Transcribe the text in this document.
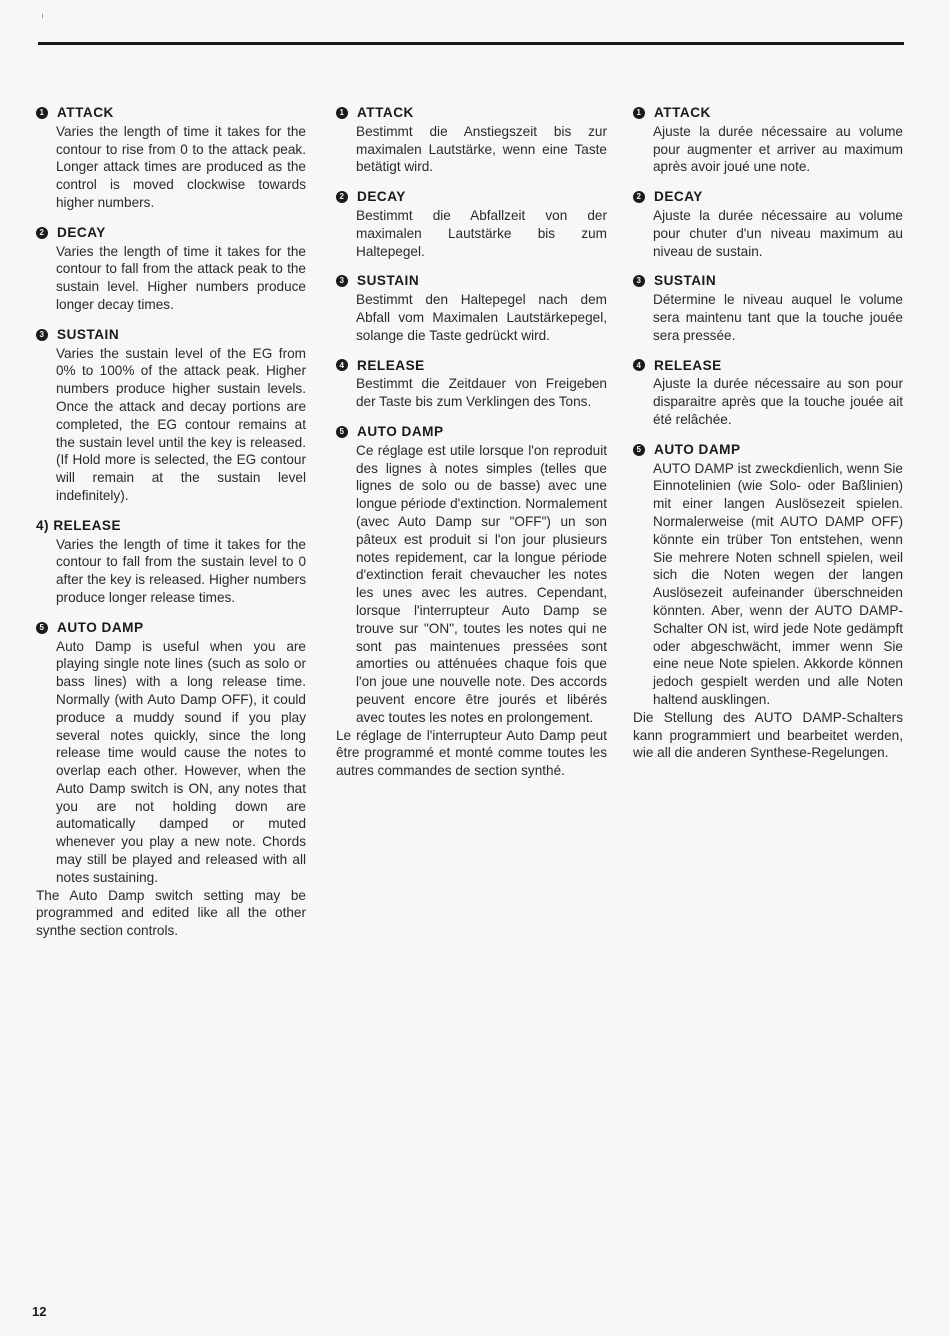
1 ATTACK
Varies the length of time it takes for the contour to rise from 0 to the attack peak. Longer attack times are produced as the control is moved clockwise towards higher numbers.
2 DECAY
Varies the length of time it takes for the contour to fall from the attack peak to the sustain level. Higher numbers produce longer decay times.
3 SUSTAIN
Varies the sustain level of the EG from 0% to 100% of the attack peak. Higher numbers produce higher sustain levels. Once the attack and decay portions are completed, the EG contour remains at the sustain level until the key is released. (If Hold more is selected, the EG contour will remain at the sustain level indefinitely).
4) RELEASE
Varies the length of time it takes for the contour to fall from the sustain level to 0 after the key is released. Higher numbers produce longer release times.
5 AUTO DAMP
Auto Damp is useful when you are playing single note lines (such as solo or bass lines) with a long release time. Normally (with Auto Damp OFF), it could produce a muddy sound if you play several notes quickly, since the long release time would cause the notes to overlap each other. However, when the Auto Damp switch is ON, any notes that you are not holding down are automatically damped or muted whenever you play a new note. Chords may still be played and released with all notes sustaining.
The Auto Damp switch setting may be programmed and edited like all the other synthe section controls.
1 ATTACK
Bestimmt die Anstiegszeit bis zur maximalen Lautstärke, wenn eine Taste betätigt wird.
2 DECAY
Bestimmt die Abfallzeit von der maximalen Lautstärke bis zum Haltepegel.
3 SUSTAIN
Bestimmt den Haltepegel nach dem Abfall vom Maximalen Lautstärkepegel, solange die Taste gedrückt wird.
4 RELEASE
Bestimmt die Zeitdauer von Freigeben der Taste bis zum Verklingen des Tons.
5 AUTO DAMP
Ce réglage est utile lorsque l'on reproduit des lignes à notes simples (telles que lignes de solo ou de basse) avec une longue période d'extinction. Normalement (avec Auto Damp sur "OFF") un son pâteux est produit si l'on jour plusieurs notes repidement, car la longue période d'extinction ferait chevaucher les notes les unes avec les autres. Cependant, lorsque l'interrupteur Auto Damp se trouve sur "ON", toutes les notes qui ne sont pas maintenues pressées sont amorties ou atténuées chaque fois que l'on joue une nouvelle note. Des accords peuvent encore être jourés et libérés avec toutes les notes en prolongement.
Le réglage de l'interrupteur Auto Damp peut être programmé et monté comme toutes les autres commandes de section synthé.
1 ATTACK
Ajuste la durée nécessaire au volume pour augmenter et arriver au maximum après avoir joué une note.
2 DECAY
Ajuste la durée nécessaire au volume pour chuter d'un niveau maximum au niveau de sustain.
3 SUSTAIN
Détermine le niveau auquel le volume sera maintenu tant que la touche jouée sera pressée.
4 RELEASE
Ajuste la durée nécessaire au son pour disparaitre après que la touche jouée ait été relâchée.
5 AUTO DAMP
AUTO DAMP ist zweckdienlich, wenn Sie Einnotelinien (wie Solo- oder Baßlinien) mit einer langen Auslösezeit spielen. Normalerweise (mit AUTO DAMP OFF) könnte ein trüber Ton entstehen, wenn Sie mehrere Noten schnell spielen, weil sich die Noten wegen der langen Auslösezeit aufeinander überschneiden könnten. Aber, wenn der AUTO DAMP-Schalter ON ist, wird jede Note gedämpft oder abgeschwächt, immer wenn Sie eine neue Note spielen. Akkorde können jedoch gespielt werden und alle Noten haltend ausklingen.
Die Stellung des AUTO DAMP-Schalters kann programmiert und bearbeitet werden, wie all die anderen Synthese-Regelungen.
12
